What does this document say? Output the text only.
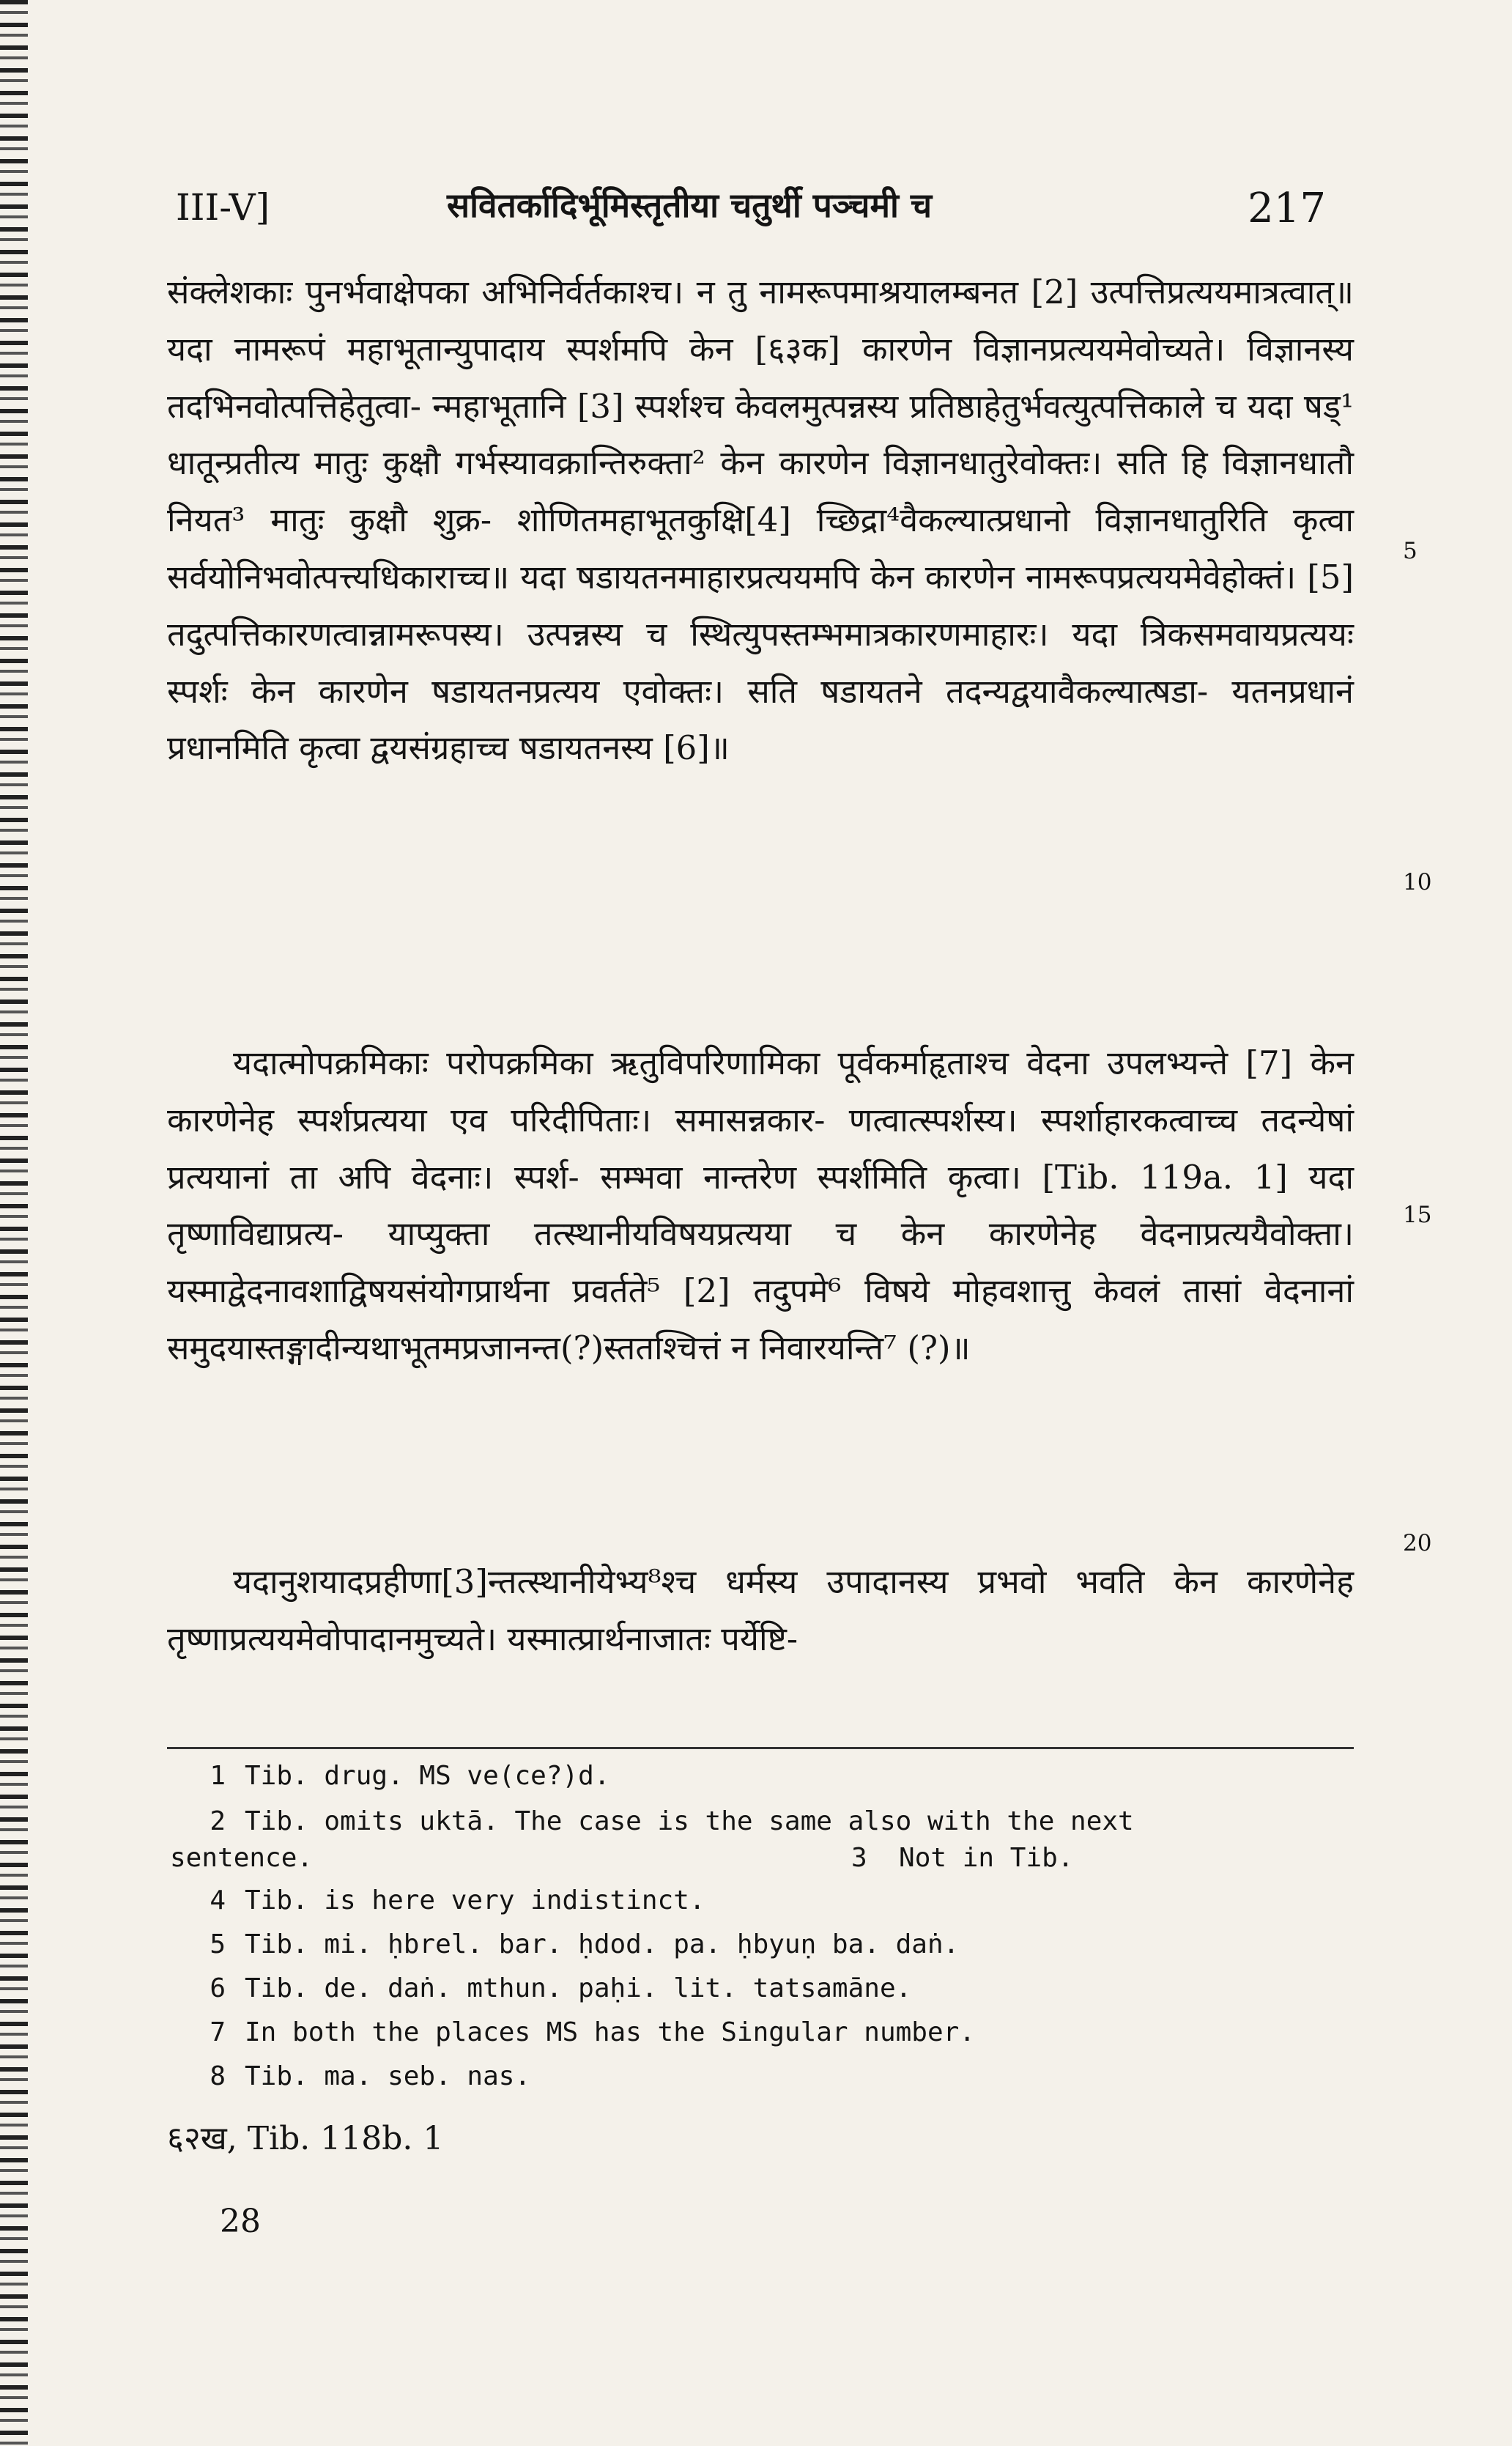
III-V]	सवितर्कादिर्भूमिस्तृतीया चतुर्थी पञ्चमी च	217

संक्लेशकाः पुनर्भवाक्षेपका अभिनिर्वर्तकाश्च। न तु नामरूपमाश्रयालम्बनत [2] उत्पत्तिप्रत्ययमात्रत्वात्॥ यदा नामरूपं महाभूतान्युपादाय स्पर्शमपि केन [६३क] कारणेन विज्ञानप्रत्ययमेवोच्यते। विज्ञानस्य तदभिनवोत्पत्तिहेतुत्वा- न्महाभूतानि [3] स्पर्शश्च केवलमुत्पन्नस्य प्रतिष्ठाहेतुर्भवत्युत्पत्तिकाले च यदा षड्¹ धातून्प्रतीत्य मातुः कुक्षौ गर्भस्यावक्रान्तिरुक्ता² केन कारणेन विज्ञानधातुरेवोक्तः। सति हि विज्ञानधातौ नियत³ मातुः कुक्षौ शुक्र- शोणितमहाभूतकुक्षि[4] च्छिद्रा⁴वैकल्यात्प्रधानो विज्ञानधातुरिति कृत्वा सर्वयोनिभवोत्पत्त्यधिकाराच्च॥ यदा षडायतनमाहारप्रत्ययमपि केन कारणेन नामरूपप्रत्ययमेवेहोक्तं। [5] तदुत्पत्तिकारणत्वान्नामरूपस्य। उत्पन्नस्य च स्थित्युपस्तम्भमात्रकारणमाहारः। यदा त्रिकसमवायप्रत्ययः स्पर्शः केन कारणेन षडायतनप्रत्यय एवोक्तः। सति षडायतने तदन्यद्वयावैकल्यात्षडा- यतनप्रधानं प्रधानमिति कृत्वा द्वयसंग्रहाच्च षडायतनस्य [6]॥

यदात्मोपक्रमिकाः परोपक्रमिका ऋतुविपरिणामिका पूर्वकर्माहृताश्च वेदना उपलभ्यन्ते [7] केन कारणेनेह स्पर्शप्रत्यया एव परिदीपिताः। समासन्नकार- णत्वात्स्पर्शस्य। स्पर्शाहारकत्वाच्च तदन्येषां प्रत्ययानां ता अपि वेदनाः। स्पर्श- सम्भवा नान्तरेण स्पर्शमिति कृत्वा। [Tib. 119a. 1] यदा तृष्णाविद्याप्रत्य- याप्युक्ता तत्स्थानीयविषयप्रत्यया च केन कारणेनेह वेदनाप्रत्ययैवोक्ता। यस्माद्वेदनावशाद्विषयसंयोगप्रार्थना प्रवर्तते⁵ [2] तदुपमे⁶ विषये मोहवशात्तु केवलं तासां वेदनानां समुदयास्तङ्गादीन्यथाभूतमप्रजानन्त(?)स्ततश्चित्तं न निवारयन्ति⁷ (?)॥

यदानुशयादप्रहीणा[3]न्तत्स्थानीयेभ्य⁸श्च धर्मस्य उपादानस्य प्रभवो भवति केन कारणेनेह तृष्णाप्रत्ययमेवोपादानमुच्यते। यस्मात्प्रार्थनाजातः पर्येष्टि-

5
10
15
20
1 Tib. drug. MS ve(ce?)d.
2 Tib. omits uktā. The case is the same also with the next
sentence.	3 Not in Tib.
4 Tib. is here very indistinct.
5 Tib. mi. ḥbrel. bar. ḥdod. pa. ḥbyuṇ ba. daṅ.
6 Tib. de. daṅ. mthun. paḥi. lit. tatsamāne.
7 In both the places MS has the Singular number.
8 Tib. ma. seb. nas.
६२ख, Tib. 118b. 1
28
